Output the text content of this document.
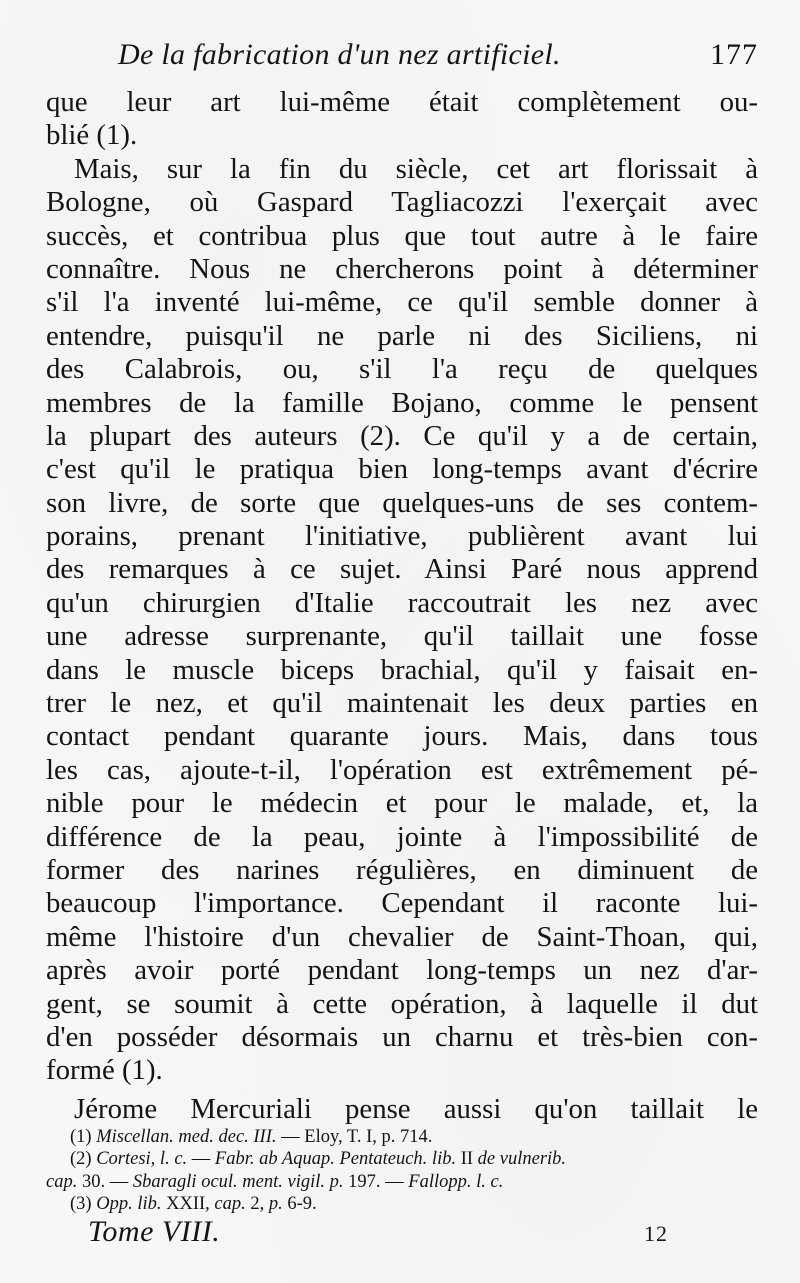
De la fabrication d'un nez artificiel.	177
que leur art lui-même était complètement ou-
blié (1).
Mais, sur la fin du siècle, cet art florissait à
Bologne, où Gaspard Tagliacozzi l'exerçait avec
succès, et contribua plus que tout autre à le faire
connaître. Nous ne chercherons point à déterminer
s'il l'a inventé lui-même, ce qu'il semble donner à
entendre, puisqu'il ne parle ni des Siciliens, ni
des Calabrois, ou, s'il l'a reçu de quelques
membres de la famille Bojano, comme le pensent
la plupart des auteurs (2). Ce qu'il y a de certain,
c'est qu'il le pratiqua bien long-temps avant d'écrire
son livre, de sorte que quelques-uns de ses contem-
porains, prenant l'initiative, publièrent avant lui
des remarques à ce sujet. Ainsi Paré nous apprend
qu'un chirurgien d'Italie raccoutrait les nez avec
une adresse surprenante, qu'il taillait une fosse
dans le muscle biceps brachial, qu'il y faisait en-
trer le nez, et qu'il maintenait les deux parties en
contact pendant quarante jours. Mais, dans tous
les cas, ajoute-t-il, l'opération est extrêmement pé-
nible pour le médecin et pour le malade, et, la
différence de la peau, jointe à l'impossibilité de
former des narines régulières, en diminuent de
beaucoup l'importance. Cependant il raconte lui-
même l'histoire d'un chevalier de Saint-Thoan, qui,
après avoir porté pendant long-temps un nez d'ar-
gent, se soumit à cette opération, à laquelle il dut
d'en posséder désormais un charnu et très-bien con-
formé (1).
Jérome Mercuriali pense aussi qu'on taillait le
(1) Miscellan. med. dec. III. — Eloy, T. I, p. 714.
(2) Cortesi, l. c. — Fabr. ab Aquap. Pentateuch. lib. II de vulnerib.
cap. 30. — Sbaragli ocul. ment. vigil. p. 197. — Fallopp. l. c.
(3) Opp. lib. XXII, cap. 2, p. 6-9.
Tome VIII.	12
